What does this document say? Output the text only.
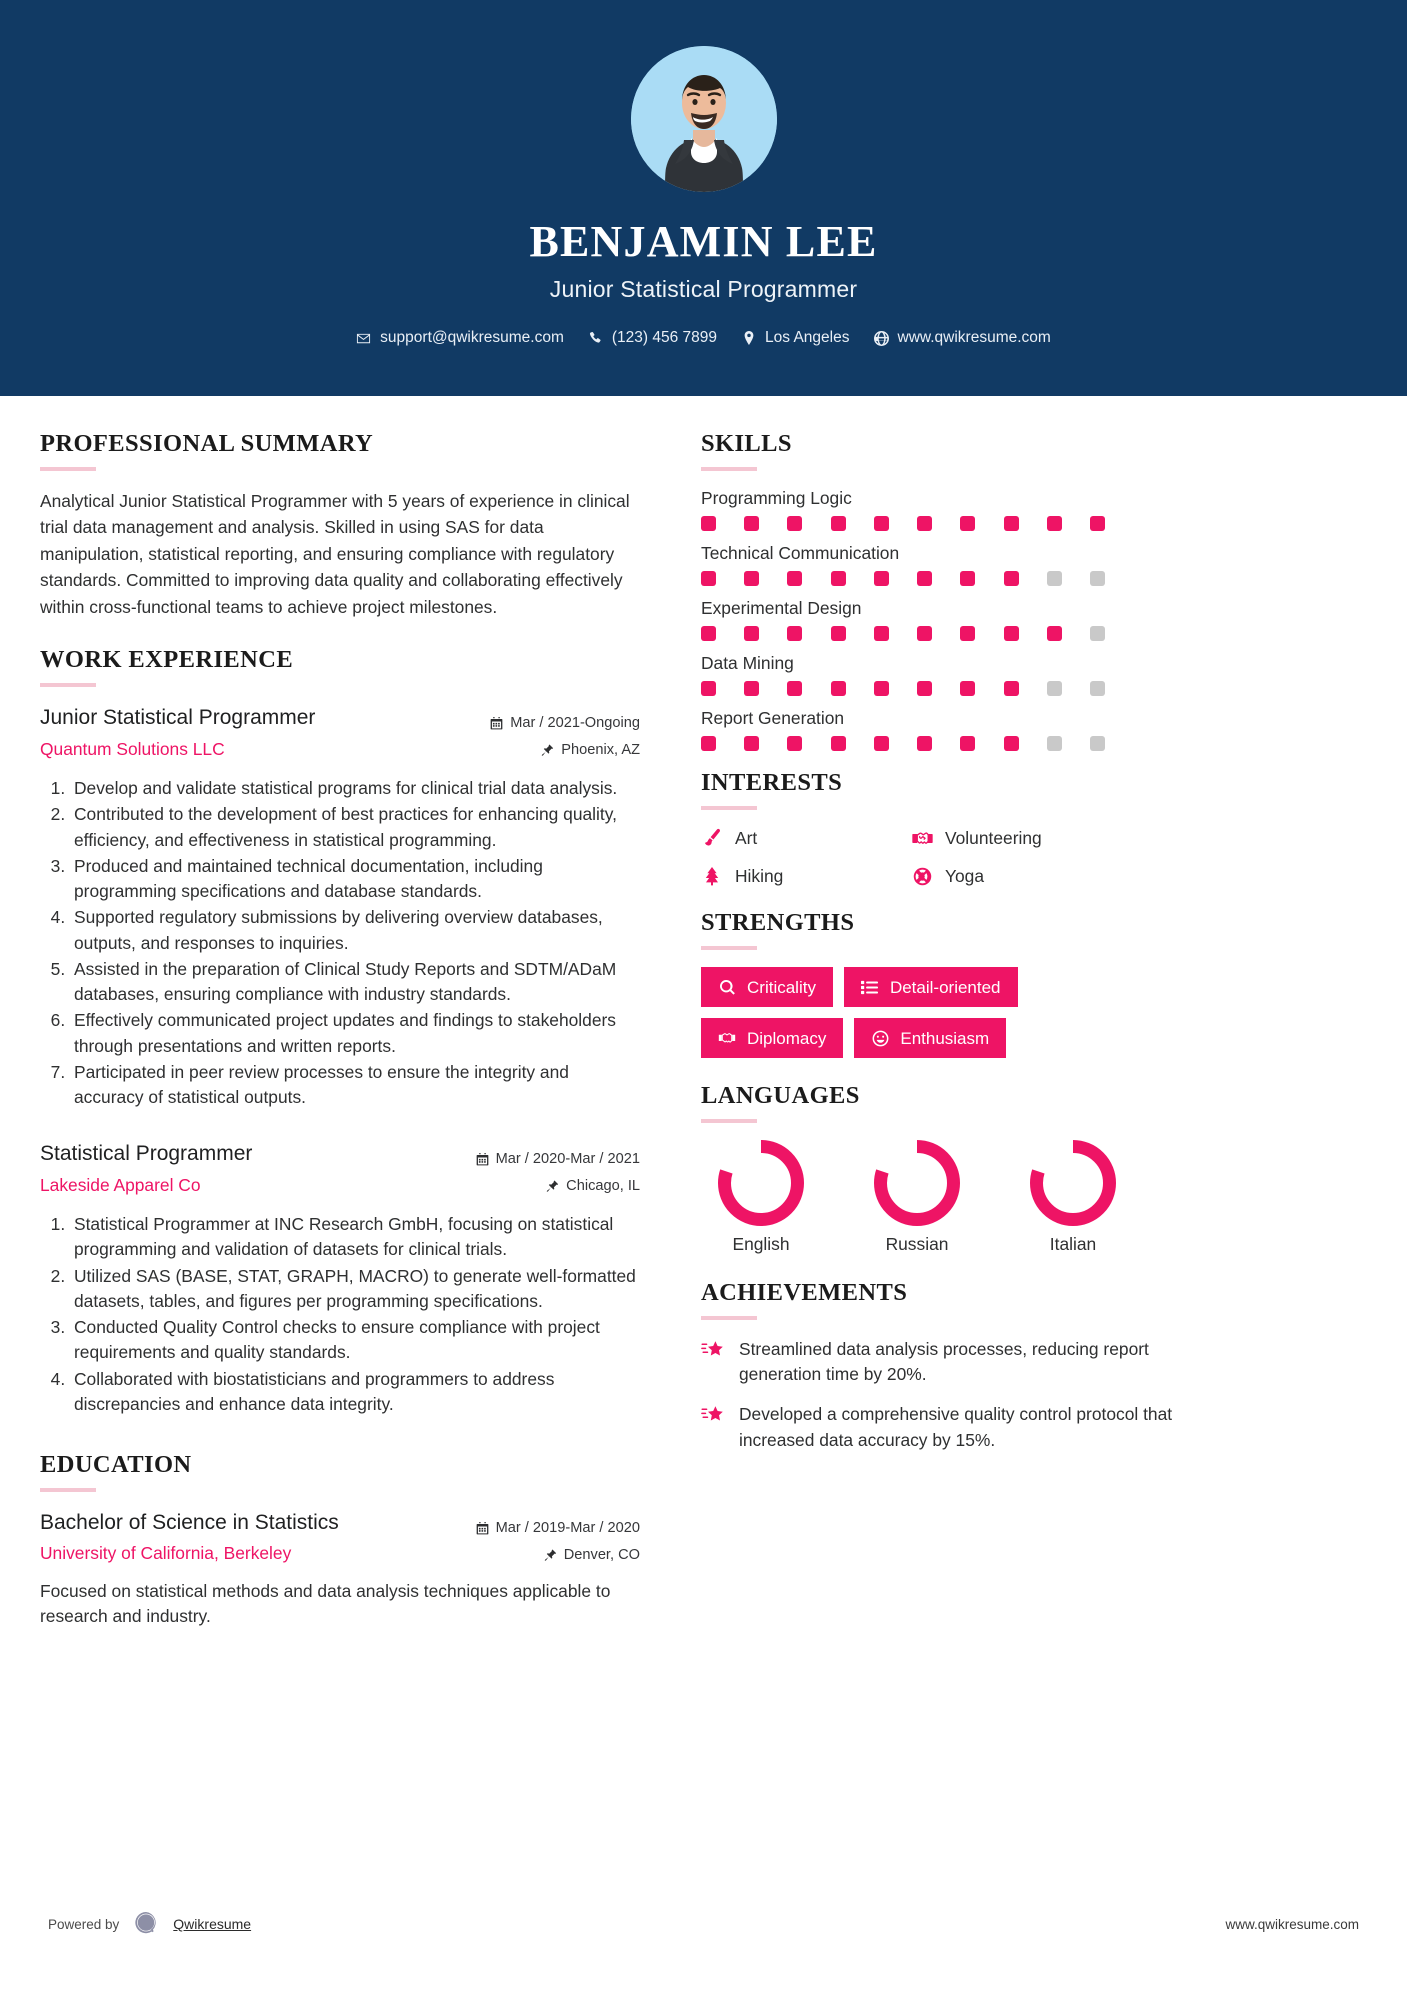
BENJAMIN LEE
Junior Statistical Programmer
support@qwikresume.com	(123) 456 7899	Los Angeles	www.qwikresume.com
PROFESSIONAL SUMMARY
Analytical Junior Statistical Programmer with 5 years of experience in clinical trial data management and analysis. Skilled in using SAS for data manipulation, statistical reporting, and ensuring compliance with regulatory standards. Committed to improving data quality and collaborating effectively within cross-functional teams to achieve project milestones.
WORK EXPERIENCE
Junior Statistical Programmer
Quantum Solutions LLC
Mar / 2021-Ongoing
Phoenix, AZ
1. Develop and validate statistical programs for clinical trial data analysis.
2. Contributed to the development of best practices for enhancing quality, efficiency, and effectiveness in statistical programming.
3. Produced and maintained technical documentation, including programming specifications and database standards.
4. Supported regulatory submissions by delivering overview databases, outputs, and responses to inquiries.
5. Assisted in the preparation of Clinical Study Reports and SDTM/ADaM databases, ensuring compliance with industry standards.
6. Effectively communicated project updates and findings to stakeholders through presentations and written reports.
7. Participated in peer review processes to ensure the integrity and accuracy of statistical outputs.
Statistical Programmer
Lakeside Apparel Co
Mar / 2020-Mar / 2021
Chicago, IL
1. Statistical Programmer at INC Research GmbH, focusing on statistical programming and validation of datasets for clinical trials.
2. Utilized SAS (BASE, STAT, GRAPH, MACRO) to generate well-formatted datasets, tables, and figures per programming specifications.
3. Conducted Quality Control checks to ensure compliance with project requirements and quality standards.
4. Collaborated with biostatisticians and programmers to address discrepancies and enhance data integrity.
EDUCATION
Bachelor of Science in Statistics
University of California, Berkeley
Mar / 2019-Mar / 2020
Denver, CO
Focused on statistical methods and data analysis techniques applicable to research and industry.
SKILLS
Programming Logic
Technical Communication
Experimental Design
Data Mining
Report Generation
INTERESTS
Art	Volunteering
Hiking	Yoga
STRENGTHS
Criticality	Detail-oriented
Diplomacy	Enthusiasm
LANGUAGES
English	Russian	Italian
ACHIEVEMENTS
Streamlined data analysis processes, reducing report generation time by 20%.
Developed a comprehensive quality control protocol that increased data accuracy by 15%.
Powered by	Qwikresume	www.qwikresume.com
